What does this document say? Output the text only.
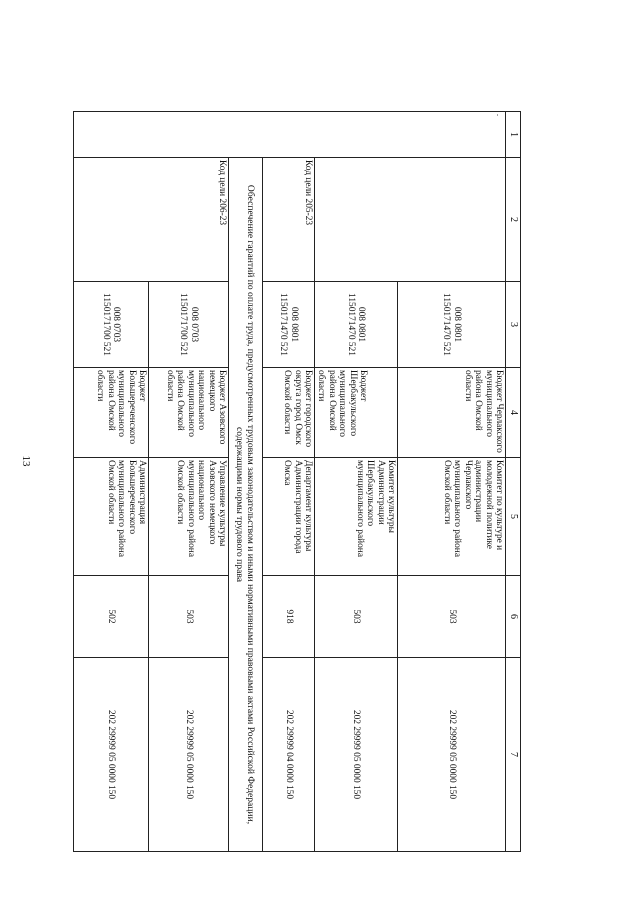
13
1	2	3	4	5	6	7
.		008 0801 1150171470 521	Бюджет Черлакского муниципального района Омской области	Комитет по культуре и молодежной политике администрации Черлакского муниципального района Омской области	503	202 29999 05 0000 150
		008 0801 1150171470 521	Бюджет Шербакульского муниципального района Омской области	Комитет культуры Администрации Шербакульского муниципального района	503	202 29999 05 0000 150
	Код цели 205-23	008 0801 1150171470 521	Бюджет городского округа город Омск Омской области	Департамент культуры Администрации города Омска	918	202 29999 04 0000 150
	Обеспечение гарантий по оплате труда, предусмотренных трудовым законодательством и иными нормативными правовыми актами Российской Федерации, содержащими нормы трудового права					
	Код цели 206-23	008 0703 1150171700 521	Бюджет Азовского немецкого национального муниципального района Омской области	Управление культуры Азовского немецкого национального муниципального района Омской области	503	202 29999 05 0000 150
		008 0703 1150171700 521	Бюджет Большереченского муниципального района Омской области	Администрация Большереченского муниципального района Омской области	502	202 29999 05 0000 150
